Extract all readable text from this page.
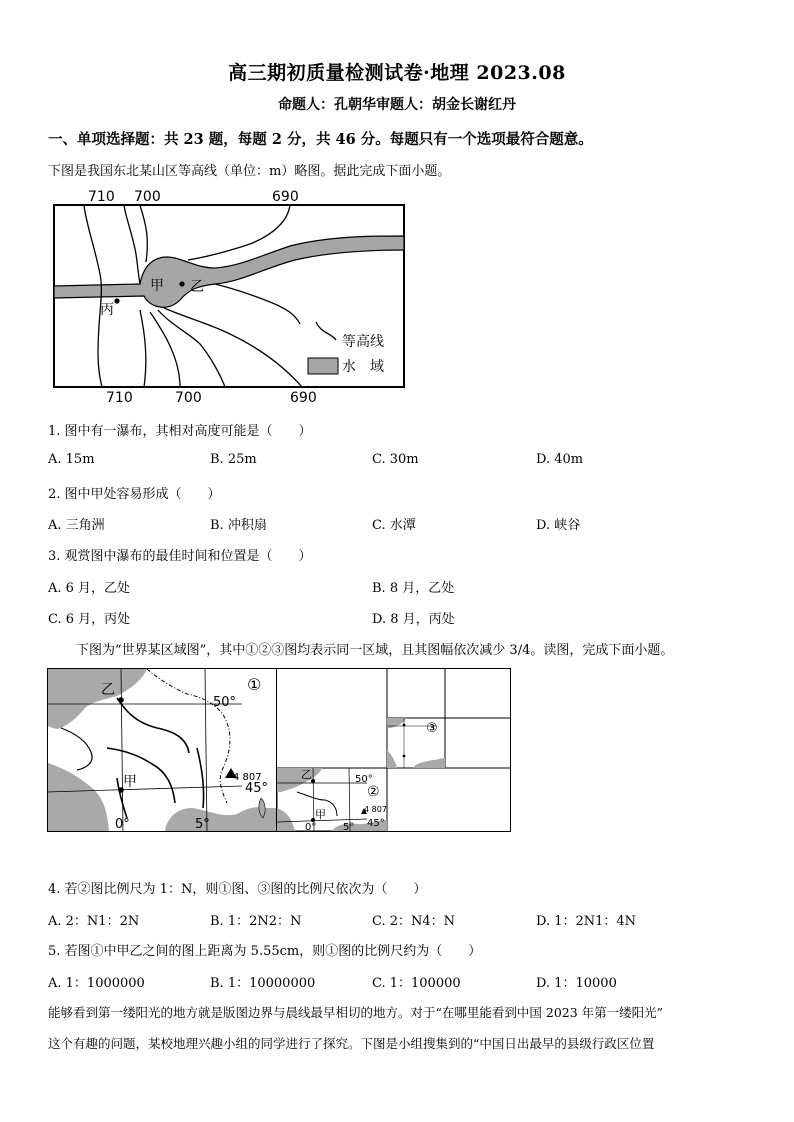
高三期初质量检测试卷·地理 2023.08
命题人：孔朝华审题人：胡金长谢红丹
一、单项选择题：共 23 题，每题 2 分，共 46 分。每题只有一个选项最符合题意。
下图是我国东北某山区等高线（单位：m）略图。据此完成下面小题。
甲 乙
丙
710 700	690
710	700	690
等高线
水　域
1. 图中有一瀑布，其相对高度可能是（　　）
A. 15m	B. 25m	C. 30m	D. 40m
2. 图中甲处容易形成（　　）
A. 三角洲	B. 冲积扇	C. 水潭	D. 峡谷
3. 观赏图中瀑布的最佳时间和位置是（　　）
A. 6 月，乙处	B. 8 月，乙处
C. 6 月，丙处	D. 8 月，丙处
下图为“世界某区域图”，其中①②③图均表示同一区域，且其图幅依次减少 3/4。读图，完成下面小题。
乙
甲
50°
45°
0°	5°
4 807
①
乙
甲
50°
45°
0°	5°
4 807
②
③
4. 若②图比例尺为 1：N，则①图、③图的比例尺依次为（　　）
A. 2：N1：2N	B. 1：2N2：N	C. 2：N4：N	D. 1：2N1：4N
5. 若图①中甲乙之间的图上距离为 5.55cm，则①图的比例尺约为（　　）
A. 1：1000000	B. 1：10000000	C. 1：100000	D. 1：10000
能够看到第一缕阳光的地方就是版图边界与晨线最早相切的地方。对于“在哪里能看到中国 2023 年第一缕阳光”
这个有趣的问题，某校地理兴趣小组的同学进行了探究。下图是小组搜集到的“中国日出最早的县级行政区位置
